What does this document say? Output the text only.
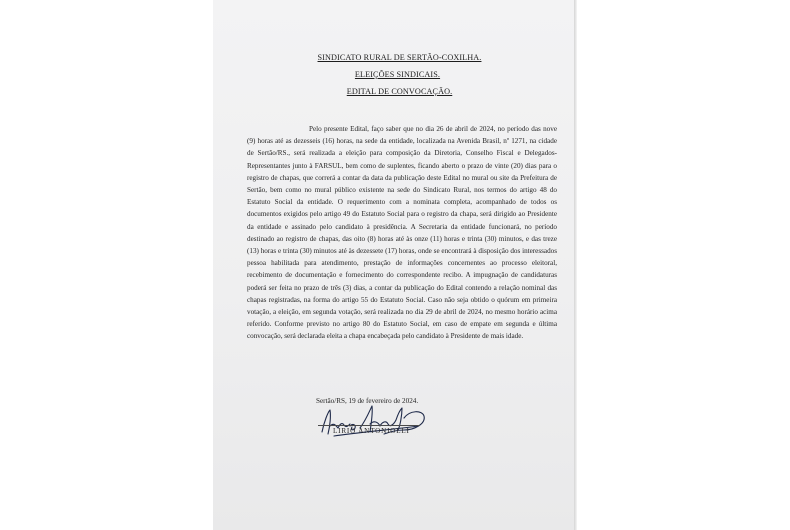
SINDICATO RURAL DE SERTÃO-COXILHA.

ELEIÇÕES SINDICAIS.

EDITAL DE CONVOCAÇÃO.

Pelo presente Edital, faço saber que no dia 26 de abril de 2024, no período das nove (9) horas até as dezesseis (16) horas, na sede da entidade, localizada na Avenida Brasil, nº 1271, na cidade de Sertão/RS., será realizada a eleição para composição da Diretoria, Conselho Fiscal e Delegados-Representantes junto à FARSUL, bem como de suplentes, ficando aberto o prazo de vinte (20) dias para o registro de chapas, que correrá a contar da data da publicação deste Edital no mural ou site da Prefeitura de Sertão, bem como no mural público existente na sede do Sindicato Rural, nos termos do artigo 48 do Estatuto Social da entidade. O requerimento com a nominata completa, acompanhado de todos os documentos exigidos pelo artigo 49 do Estatuto Social para o registro da chapa, será dirigido ao Presidente da entidade e assinado pelo candidato à presidência. A Secretaria da entidade funcionará, no período destinado ao registro de chapas, das oito (8) horas até às onze (11) horas e trinta (30) minutos, e das treze (13) horas e trinta (30) minutos até às dezessete (17) horas, onde se encontrará à disposição dos interessados pessoa habilitada para atendimento, prestação de informações concernentes ao processo eleitoral, recebimento de documentação e fornecimento do correspondente recibo. A impugnação de candidaturas poderá ser feita no prazo de três (3) dias, a contar da publicação do Edital contendo a relação nominal das chapas registradas, na forma do artigo 55 do Estatuto Social. Caso não seja obtido o quórum em primeira votação, a eleição, em segunda votação, será realizada no dia 29 de abril de 2024, no mesmo horário acima referido. Conforme previsto no artigo 80 do Estatuto Social, em caso de empate em segunda e última convocação, será declarada eleita a chapa encabeçada pelo candidato à Presidente de mais idade.

Sertão/RS, 19 de fevereiro de 2024.
LIRIO ANTONIOLLI
